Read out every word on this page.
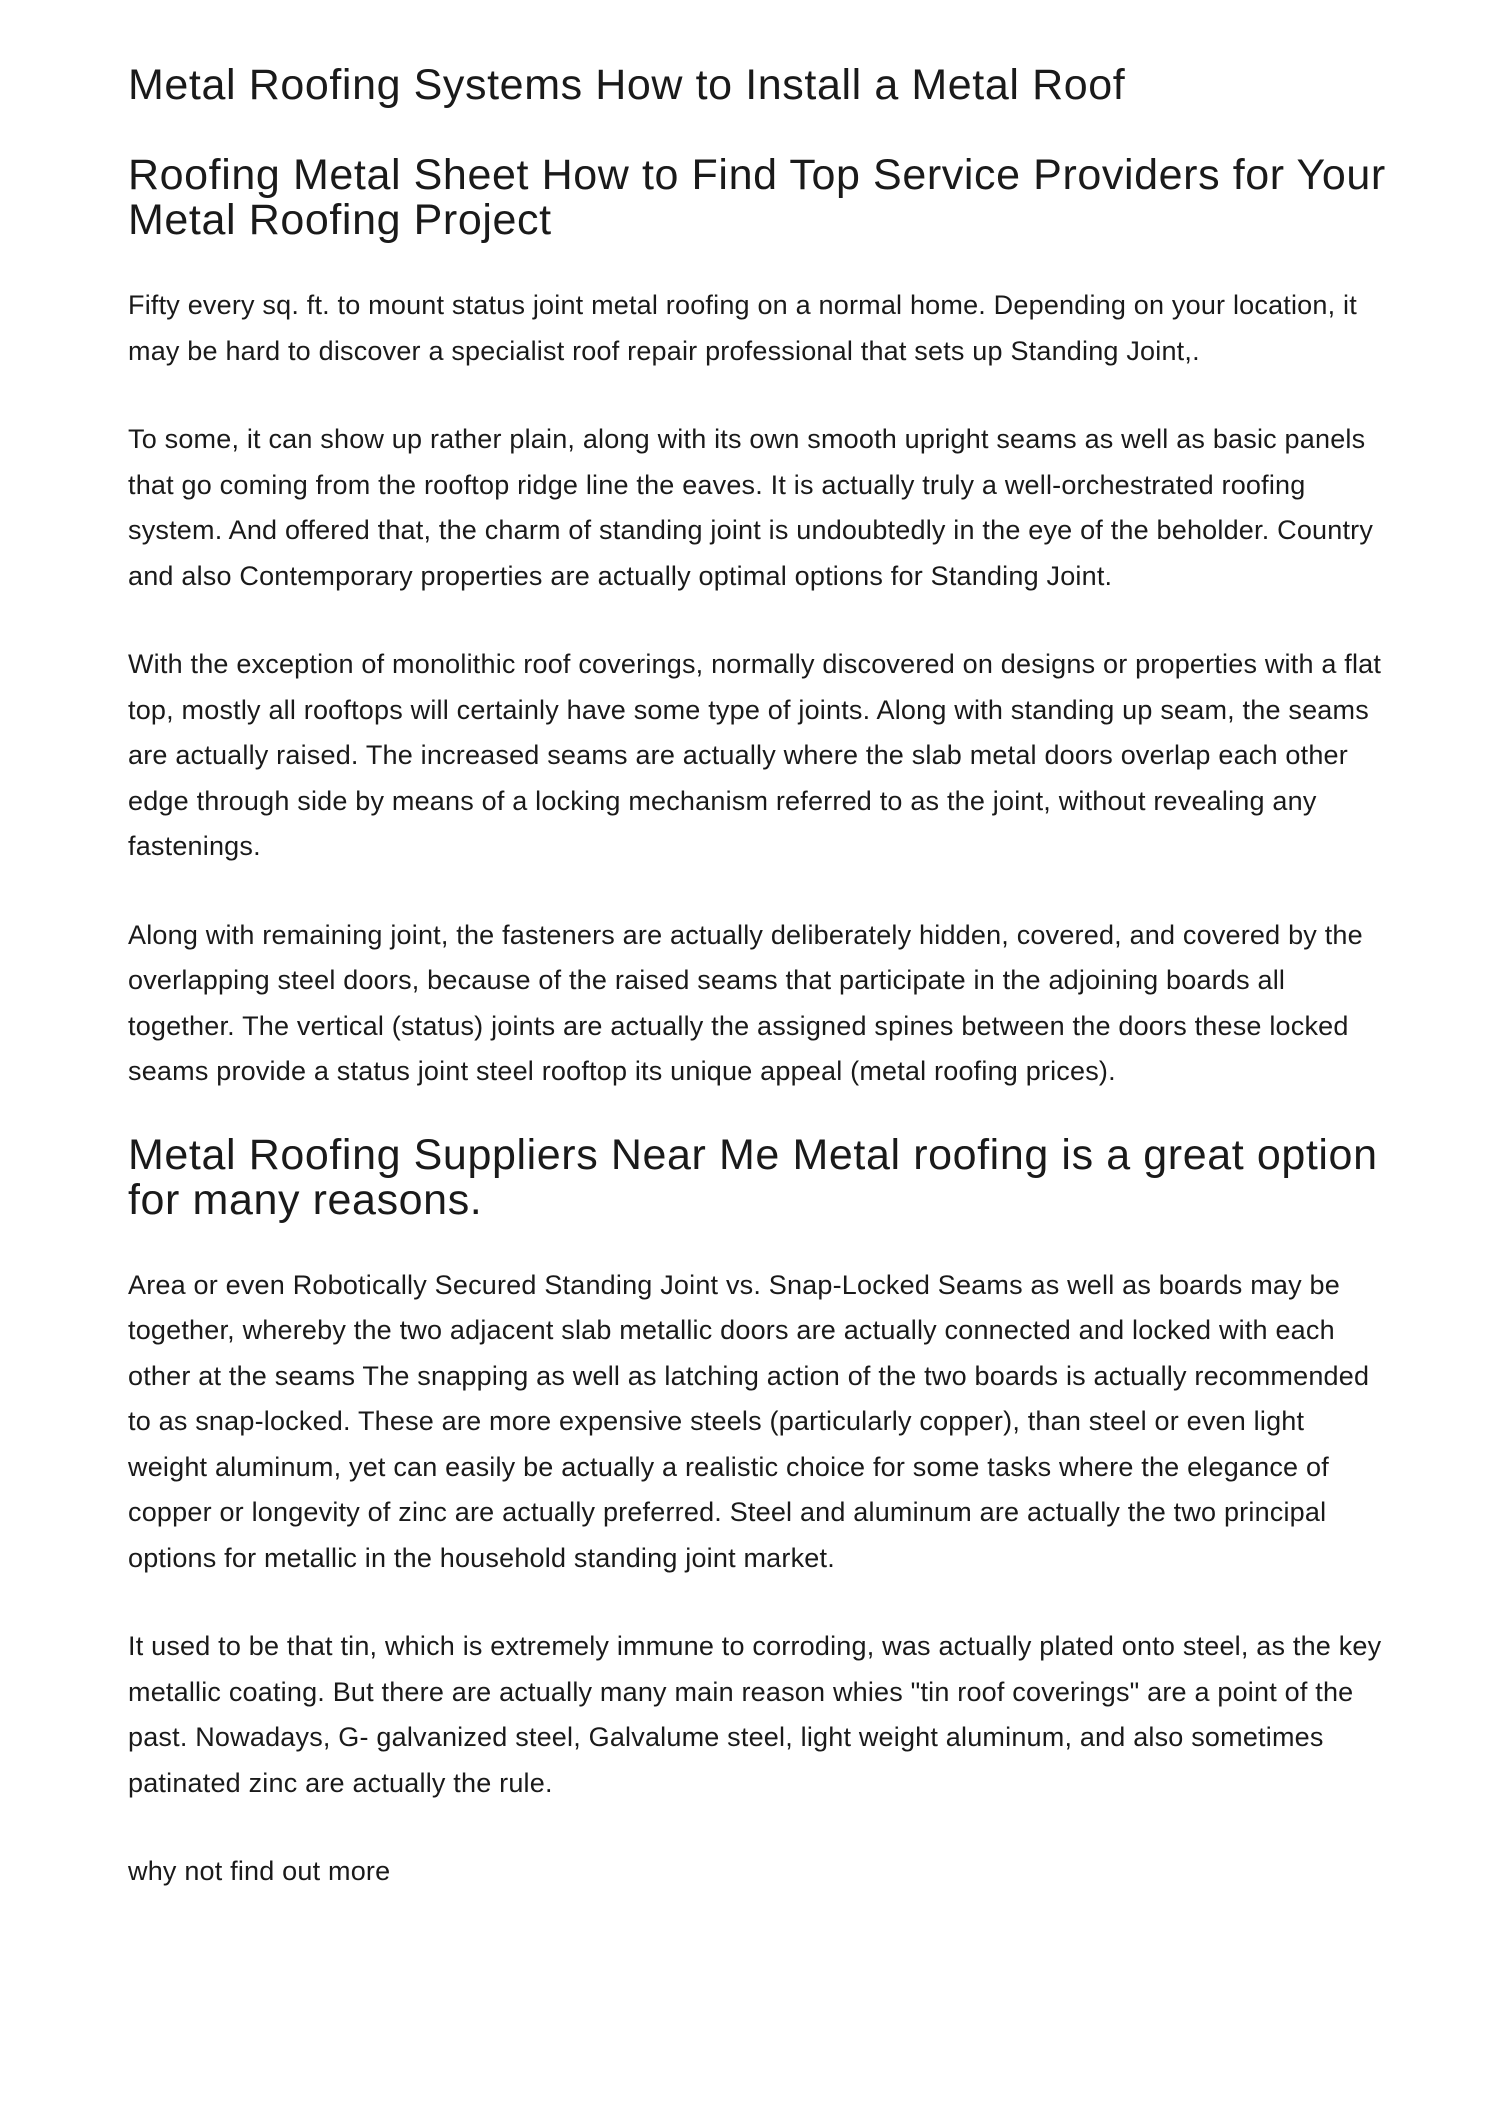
Metal Roofing Systems How to Install a Metal Roof
Roofing Metal Sheet How to Find Top Service Providers for Your Metal Roofing Project

Fifty every sq. ft. to mount status joint metal roofing on a normal home. Depending on your location, it may be hard to discover a specialist roof repair professional that sets up Standing Joint,.

To some, it can show up rather plain, along with its own smooth upright seams as well as basic panels that go coming from the rooftop ridge line the eaves. It is actually truly a well-orchestrated roofing system. And offered that, the charm of standing joint is undoubtedly in the eye of the beholder. Country and also Contemporary properties are actually optimal options for Standing Joint.

With the exception of monolithic roof coverings, normally discovered on designs or properties with a flat top, mostly all rooftops will certainly have some type of joints. Along with standing up seam, the seams are actually raised. The increased seams are actually where the slab metal doors overlap each other edge through side by means of a locking mechanism referred to as the joint, without revealing any fastenings.

Along with remaining joint, the fasteners are actually deliberately hidden, covered, and covered by the overlapping steel doors, because of the raised seams that participate in the adjoining boards all together. The vertical (status) joints are actually the assigned spines between the doors these locked seams provide a status joint steel rooftop its unique appeal (metal roofing prices).

Metal Roofing Suppliers Near Me Metal roofing is a great option for many reasons.

Area or even Robotically Secured Standing Joint vs. Snap-Locked Seams as well as boards may be together, whereby the two adjacent slab metallic doors are actually connected and locked with each other at the seams The snapping as well as latching action of the two boards is actually recommended to as snap-locked. These are more expensive steels (particularly copper), than steel or even light weight aluminum, yet can easily be actually a realistic choice for some tasks where the elegance of copper or longevity of zinc are actually preferred. Steel and aluminum are actually the two principal options for metallic in the household standing joint market.

It used to be that tin, which is extremely immune to corroding, was actually plated onto steel, as the key metallic coating. But there are actually many main reason whies "tin roof coverings" are a point of the past. Nowadays, G- galvanized steel, Galvalume steel, light weight aluminum, and also sometimes patinated zinc are actually the rule.

why not find out more
